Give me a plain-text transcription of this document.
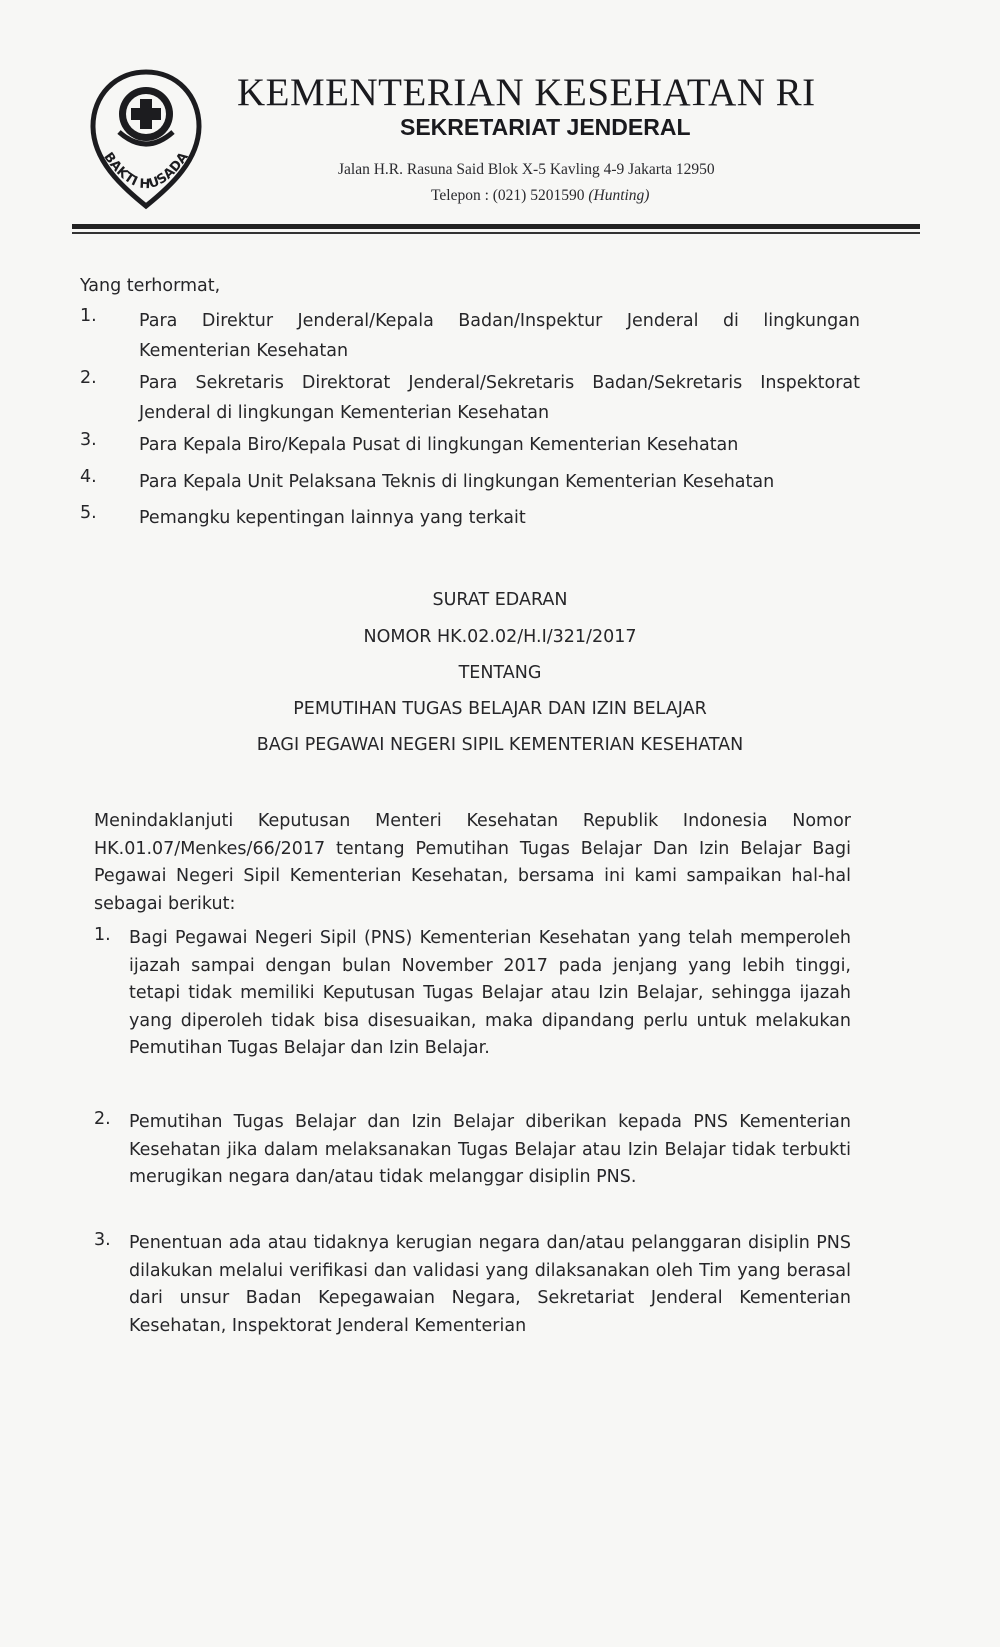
BAKTI HUSADA
KEMENTERIAN KESEHATAN RI
SEKRETARIAT JENDERAL
Jalan H.R. Rasuna Said Blok X-5 Kavling 4-9 Jakarta 12950
Telepon : (021) 5201590 (Hunting)
Yang terhormat,
1.	Para Direktur Jenderal/Kepala Badan/Inspektur Jenderal di lingkungan Kementerian Kesehatan
2.	Para Sekretaris Direktorat Jenderal/Sekretaris Badan/Sekretaris Inspektorat Jenderal di lingkungan Kementerian Kesehatan
3.	Para Kepala Biro/Kepala Pusat di lingkungan Kementerian Kesehatan
4.	Para Kepala Unit Pelaksana Teknis di lingkungan Kementerian Kesehatan
5.	Pemangku kepentingan lainnya yang terkait
SURAT EDARAN
NOMOR HK.02.02/H.I/321/2017
TENTANG
PEMUTIHAN TUGAS BELAJAR DAN IZIN BELAJAR
BAGI PEGAWAI NEGERI SIPIL KEMENTERIAN KESEHATAN
Menindaklanjuti Keputusan Menteri Kesehatan Republik Indonesia Nomor HK.01.07/Menkes/66/2017 tentang Pemutihan Tugas Belajar Dan Izin Belajar Bagi Pegawai Negeri Sipil Kementerian Kesehatan, bersama ini kami sampaikan hal-hal sebagai berikut:
1.	Bagi Pegawai Negeri Sipil (PNS) Kementerian Kesehatan yang telah memperoleh ijazah sampai dengan bulan November 2017 pada jenjang yang lebih tinggi, tetapi tidak memiliki Keputusan Tugas Belajar atau Izin Belajar, sehingga ijazah yang diperoleh tidak bisa disesuaikan, maka dipandang perlu untuk melakukan Pemutihan Tugas Belajar dan Izin Belajar.
2.	Pemutihan Tugas Belajar dan Izin Belajar diberikan kepada PNS Kementerian Kesehatan jika dalam melaksanakan Tugas Belajar atau Izin Belajar tidak terbukti merugikan negara dan/atau tidak melanggar disiplin PNS.
3.	Penentuan ada atau tidaknya kerugian negara dan/atau pelanggaran disiplin PNS dilakukan melalui verifikasi dan validasi yang dilaksanakan oleh Tim yang berasal dari unsur Badan Kepegawaian Negara, Sekretariat Jenderal Kementerian Kesehatan, Inspektorat Jenderal Kementerian
